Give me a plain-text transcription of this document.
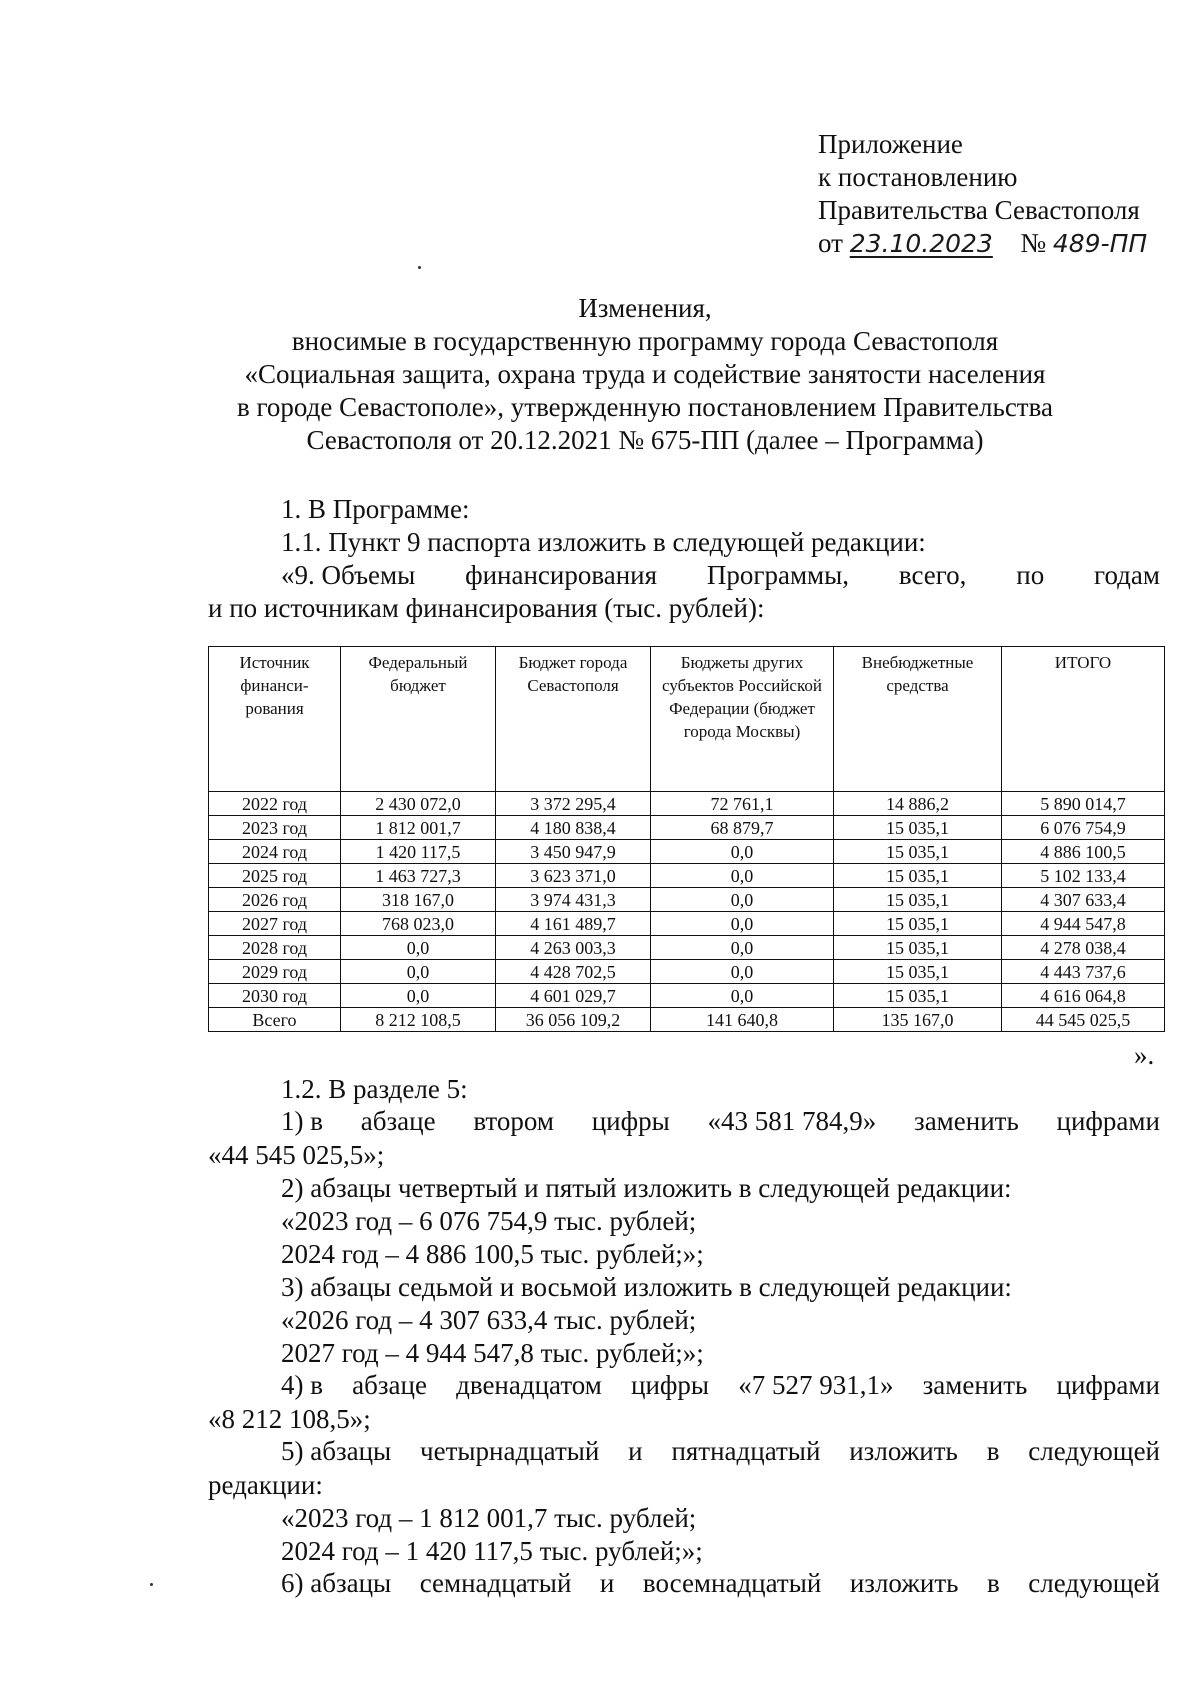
Приложение
к постановлению
Правительства Севастополя
от 23.10.2023 № 489-ПП
Изменения,
вносимые в государственную программу города Севастополя
«Социальная защита, охрана труда и содействие занятости населения
в городе Севастополе», утвержденную постановлением Правительства
Севастополя от 20.12.2021 № 675-ПП (далее – Программа)
1. В Программе:
1.1. Пункт 9 паспорта изложить в следующей редакции:
«9. Объемы финансирования Программы, всего, по годам
и по источникам финансирования (тыс. рублей):
Источник финанси-рования	Федеральный бюджет	Бюджет города Севастополя	Бюджеты других субъектов Российской Федерации (бюджет города Москвы)	Внебюджетные средства	ИТОГО
2022 год	2 430 072,0	3 372 295,4	72 761,1	14 886,2	5 890 014,7
2023 год	1 812 001,7	4 180 838,4	68 879,7	15 035,1	6 076 754,9
2024 год	1 420 117,5	3 450 947,9	0,0	15 035,1	4 886 100,5
2025 год	1 463 727,3	3 623 371,0	0,0	15 035,1	5 102 133,4
2026 год	318 167,0	3 974 431,3	0,0	15 035,1	4 307 633,4
2027 год	768 023,0	4 161 489,7	0,0	15 035,1	4 944 547,8
2028 год	0,0	4 263 003,3	0,0	15 035,1	4 278 038,4
2029 год	0,0	4 428 702,5	0,0	15 035,1	4 443 737,6
2030 год	0,0	4 601 029,7	0,0	15 035,1	4 616 064,8
Всего	8 212 108,5	36 056 109,2	141 640,8	135 167,0	44 545 025,5
».
1.2. В разделе 5:
1) в абзаце втором цифры «43 581 784,9» заменить цифрами
«44 545 025,5»;
2) абзацы четвертый и пятый изложить в следующей редакции:
«2023 год – 6 076 754,9 тыс. рублей;
2024 год – 4 886 100,5 тыс. рублей;»;
3) абзацы седьмой и восьмой изложить в следующей редакции:
«2026 год – 4 307 633,4 тыс. рублей;
2027 год – 4 944 547,8 тыс. рублей;»;
4) в абзаце двенадцатом цифры «7 527 931,1» заменить цифрами
«8 212 108,5»;
5) абзацы четырнадцатый и пятнадцатый изложить в следующей
редакции:
«2023 год – 1 812 001,7 тыс. рублей;
2024 год – 1 420 117,5 тыс. рублей;»;
6) абзацы семнадцатый и восемнадцатый изложить в следующей
